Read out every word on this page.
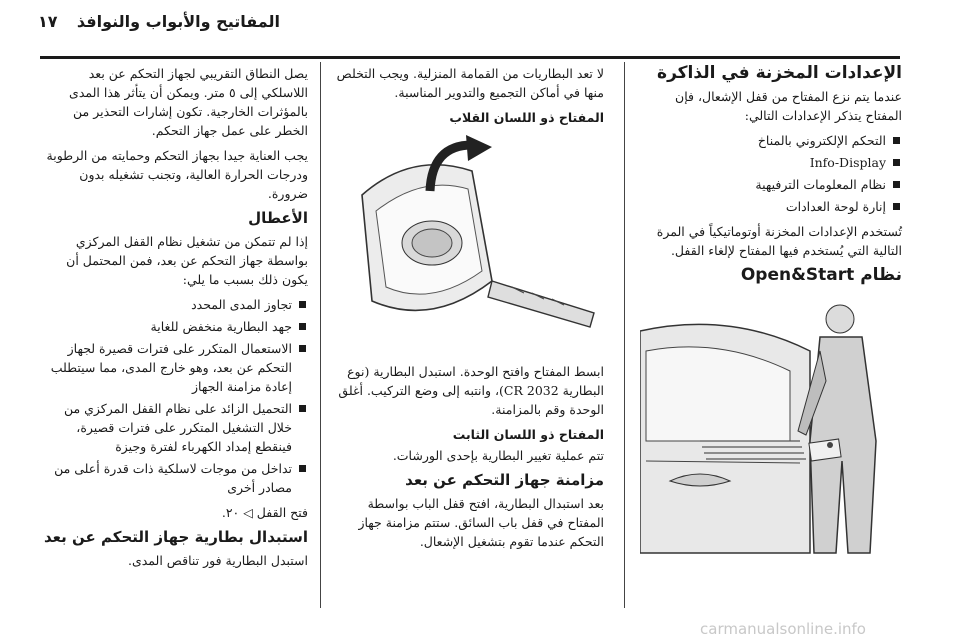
المفاتيح والأبواب والنوافذ
١٧
الإعدادات المخزنة في الذاكرة

عندما يتم نزع المفتاح من قفل الإشعال، فإن المفتاح يتذكر الإعدادات التالي:

التحكم الإلكتروني بالمناخ
Info-Display
نظام المعلومات الترفيهية
إنارة لوحة العدادات

تُستخدم الإعدادات المخزنة أوتوماتيكياً في المرة التالية التي يُستخدم فيها المفتاح لإلغاء القفل.

نظام Open&Start

لا تعد البطاريات من القمامة المنزلية. ويجب التخلص منها في أماكن التجميع والتدوير المناسبة.

المفتاح ذو اللسان القلاب

ابسط المفتاح وافتح الوحدة. استبدل البطارية (نوع البطارية CR 2032)، وانتبه إلى وضع التركيب. أغلق الوحدة وقم بالمزامنة.

المفتاح ذو اللسان الثابت

تتم عملية تغيير البطارية بإحدى الورشات.

مزامنة جهاز التحكم عن بعد

بعد استبدال البطارية، افتح قفل الباب بواسطة المفتاح في قفل باب السائق. ستتم مزامنة جهاز التحكم عندما تقوم بتشغيل الإشعال.

يصل النطاق التقريبي لجهاز التحكم عن بعد اللاسلكي إلى ٥ متر. ويمكن أن يتأثر هذا المدى بالمؤثرات الخارجية. تكون إشارات التحذير من الخطر على عمل جهاز التحكم.

يجب العناية جيدا بجهاز التحكم وحمايته من الرطوبة ودرجات الحرارة العالية، وتجنب تشغيله بدون ضرورة.

الأعطال

إذا لم تتمكن من تشغيل نظام القفل المركزي بواسطة جهاز التحكم عن بعد، فمن المحتمل أن يكون ذلك بسبب ما يلي:

تجاوز المدى المحدد
جهد البطارية منخفض للغاية
الاستعمال المتكرر على فترات قصيرة لجهاز التحكم عن بعد، وهو خارج المدى، مما سيتطلب إعادة مزامنة الجهاز
التحميل الزائد على نظام القفل المركزي من خلال التشغيل المتكرر على فترات قصيرة، فينقطع إمداد الكهرباء لفترة وجيزة
تداخل من موجات لاسلكية ذات قدرة أعلى من مصادر أخرى

فتح القفل ◁ ٢٠.

استبدال بطارية جهاز التحكم عن بعد

استبدل البطارية فور تناقص المدى.

carmanualsonline.info
